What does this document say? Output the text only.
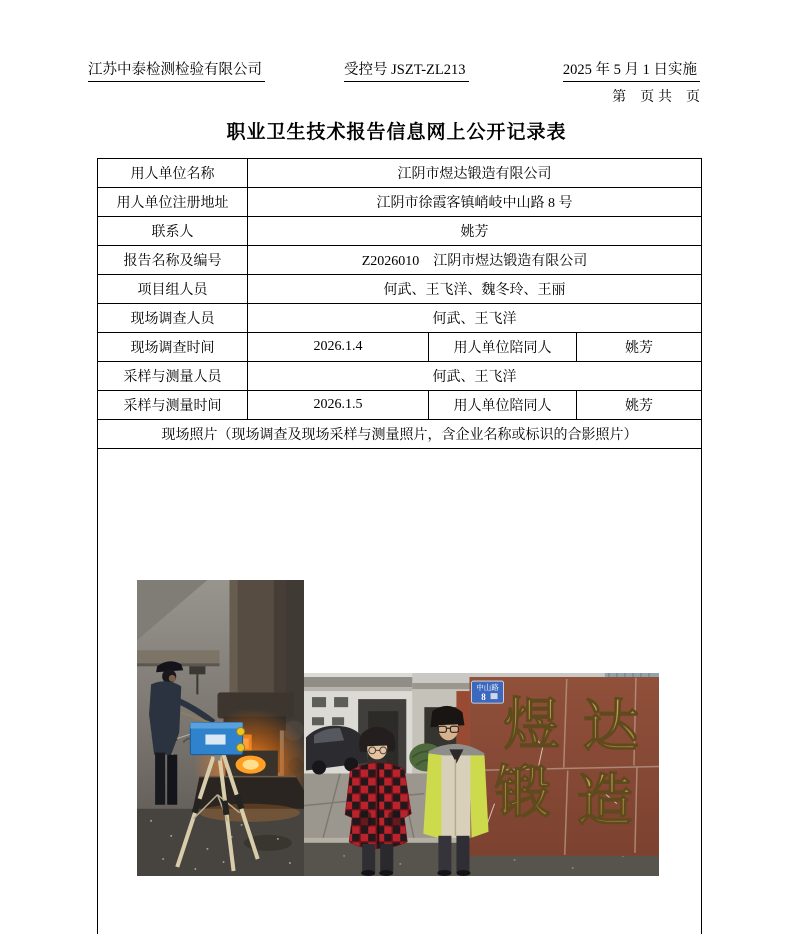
江苏中泰检测检验有限公司	受控号 JSZT-ZL213	2025 年 5 月 1 日实施
第　页 共　页
职业卫生技术报告信息网上公开记录表
用人单位名称	江阴市煜达锻造有限公司		
用人单位注册地址	江阴市徐霞客镇峭岐中山路 8 号		
联系人	姚芳		
报告名称及编号	Z2026010　江阴市煜达锻造有限公司		
项目组人员	何武、王飞洋、魏冬玲、王丽		
现场调查人员	何武、王飞洋		
现场调查时间	2026.1.4	用人单位陪同人	姚芳
采样与测量人员	何武、王飞洋		
采样与测量时间	2026.1.5	用人单位陪同人	姚芳
现场照片（现场调查及现场采样与测量照片，含企业名称或标识的合影照片）			

煜 达
锻 造
中山路
8
